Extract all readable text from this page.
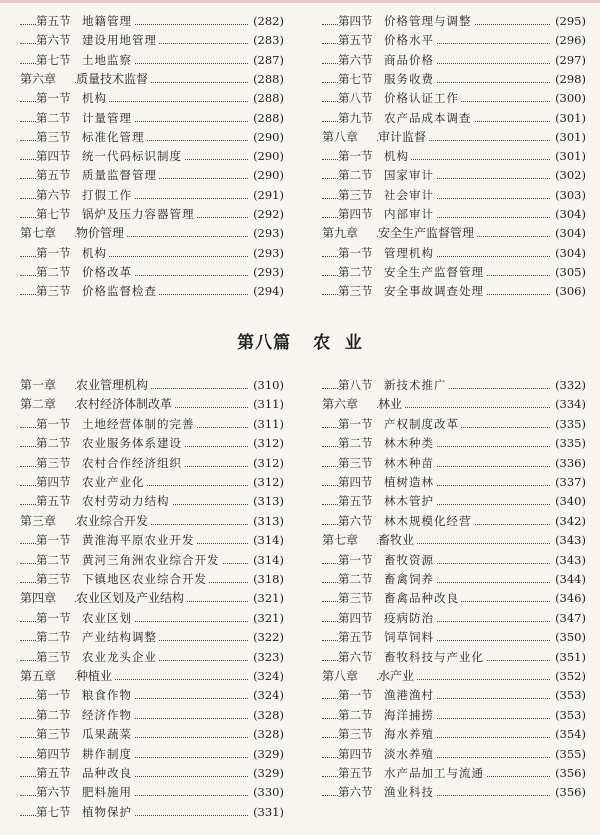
第五节	地籍管理	(282)
第六节	建设用地管理	(283)
第七节	土地监察	(287)
第六章	质量技术监督	(288)
第一节	机构	(288)
第二节	计量管理	(288)
第三节	标准化管理	(290)
第四节	统一代码标识制度	(290)
第五节	质量监督管理	(290)
第六节	打假工作	(291)
第七节	锅炉及压力容器管理	(292)
第七章	物价管理	(293)
第一节	机构	(293)
第二节	价格改革	(293)
第三节	价格监督检查	(294)
第四节	价格管理与调整	(295)
第五节	价格水平	(296)
第六节	商品价格	(297)
第七节	服务收费	(298)
第八节	价格认证工作	(300)
第九节	农产品成本调查	(301)
第八章	审计监督	(301)
第一节	机构	(301)
第二节	国家审计	(302)
第三节	社会审计	(303)
第四节	内部审计	(304)
第九章	安全生产监督管理	(304)
第一节	管理机构	(304)
第二节	安全生产监督管理	(305)
第三节	安全事故调查处理	(306)
第八篇 农  业
第一章	农业管理机构	(310)
第二章	农村经济体制改革	(311)
第一节	土地经营体制的完善	(311)
第二节	农业服务体系建设	(312)
第三节	农村合作经济组织	(312)
第四节	农业产业化	(312)
第五节	农村劳动力结构	(313)
第三章	农业综合开发	(313)
第一节	黄淮海平原农业开发	(314)
第二节	黄河三角洲农业综合开发	(314)
第三节	下镇地区农业综合开发	(318)
第四章	农业区划及产业结构	(321)
第一节	农业区划	(321)
第二节	产业结构调整	(322)
第三节	农业龙头企业	(323)
第五章	种植业	(324)
第一节	粮食作物	(324)
第二节	经济作物	(328)
第三节	瓜果蔬菜	(328)
第四节	耕作制度	(329)
第五节	品种改良	(329)
第六节	肥料施用	(330)
第七节	植物保护	(331)
第八节	新技术推广	(332)
第六章	林业	(334)
第一节	产权制度改革	(335)
第二节	林木种类	(335)
第三节	林木种苗	(336)
第四节	植树造林	(337)
第五节	林木管护	(340)
第六节	林木规模化经营	(342)
第七章	畜牧业	(343)
第一节	畜牧资源	(343)
第二节	畜禽饲养	(344)
第三节	畜禽品种改良	(346)
第四节	疫病防治	(347)
第五节	饲草饲料	(350)
第六节	畜牧科技与产业化	(351)
第八章	水产业	(352)
第一节	渔港渔村	(353)
第二节	海洋捕捞	(353)
第三节	海水养殖	(354)
第四节	淡水养殖	(355)
第五节	水产品加工与流通	(356)
第六节	渔业科技	(356)
